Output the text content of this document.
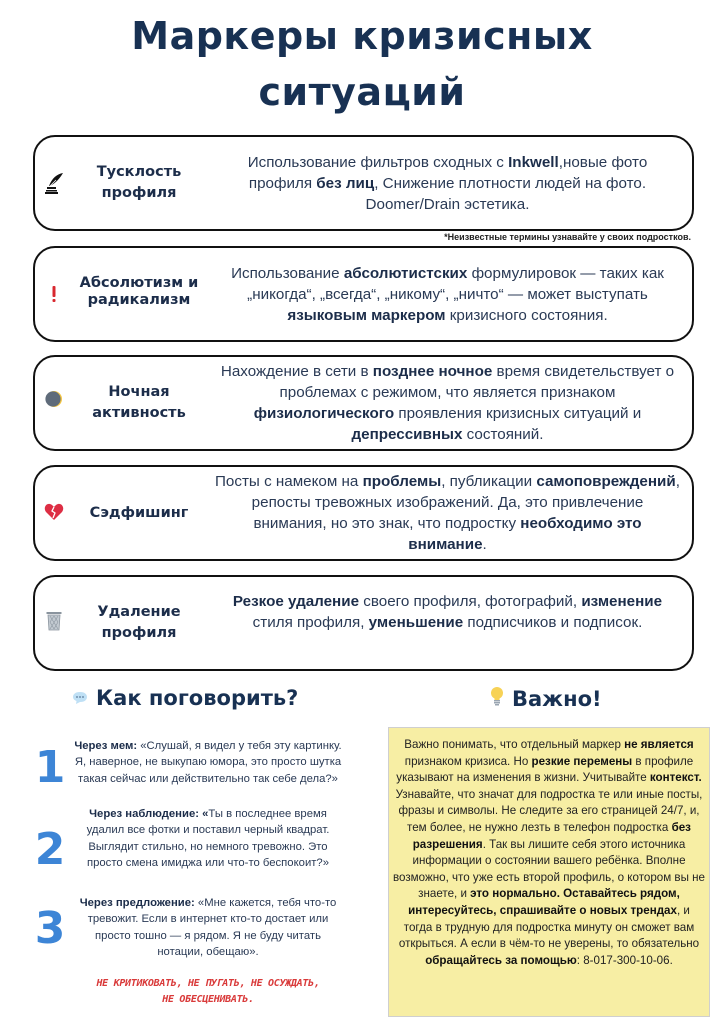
Маркеры кризисных
ситуаций
Тусклость
профиля
Использование фильтров сходных с Inkwell,новые фото профиля без лиц, Снижение плотности людей на фото. Doomer/Drain эстетика.
*Неизвестные термины узнавайте у своих подростков.
Абсолютизм и
радикализм
Использование абсолютистских формулировок — таких как „никогда“, „всегда“, „никому“, „ничто“ — может выступать языковым маркером кризисного состояния.
Ночная
активность
Нахождение в сети в позднее ночное время свидетельствует о проблемах с режимом, что является признаком физиологического проявления кризисных ситуаций и депрессивных состояний.
Сэдфишинг
Посты с намеком на проблемы, публикации самоповреждений, репосты тревожных изображений. Да, это привлечение внимания, но это знак, что подростку необходимо это внимание.
Удаление
профиля
Резкое удаление своего профиля, фотографий, изменение стиля профиля, уменьшение подписчиков и подписок.
Как поговорить?
1 Через мем: «Слушай, я видел у тебя эту картинку. Я, наверное, не выкупаю юмора, это просто шутка такая сейчас или действительно так себе дела?»
2
Через наблюдение: «Ты в последнее время удалил все фотки и поставил черный квадрат. Выглядит стильно, но немного тревожно. Это просто смена имиджа или что-то беспокоит?»
3	Через предложение: «Мне кажется, тебя что-то тревожит. Если в интернет кто-то достает или просто тошно — я рядом. Я не буду читать нотации, обещаю».
НЕ КРИТИКОВАТЬ, НЕ ПУГАТЬ, НЕ ОСУЖДАТЬ,
НЕ ОБЕСЦЕНИВАТЬ.
Важно!
Важно понимать, что отдельный маркер не является признаком кризиса. Но резкие перемены в профиле указывают на изменения в жизни. Учитывайте контекст. Узнавайте, что значат для подростка те или иные посты, фразы и символы. Не следите за его страницей 24/7, и, тем более, не нужно лезть в телефон подростка без разрешения. Так вы лишите себя этого источника информации о состоянии вашего ребёнка. Вполне возможно, что уже есть второй профиль, о котором вы не знаете, и это нормально. Оставайтесь рядом, интересуйтесь, спрашивайте о новых трендах, и тогда в трудную для подростка минуту он сможет вам открыться. А если в чём-то не уверены, то обязательно обращайтесь за помощью: 8-017-300-10-06.
